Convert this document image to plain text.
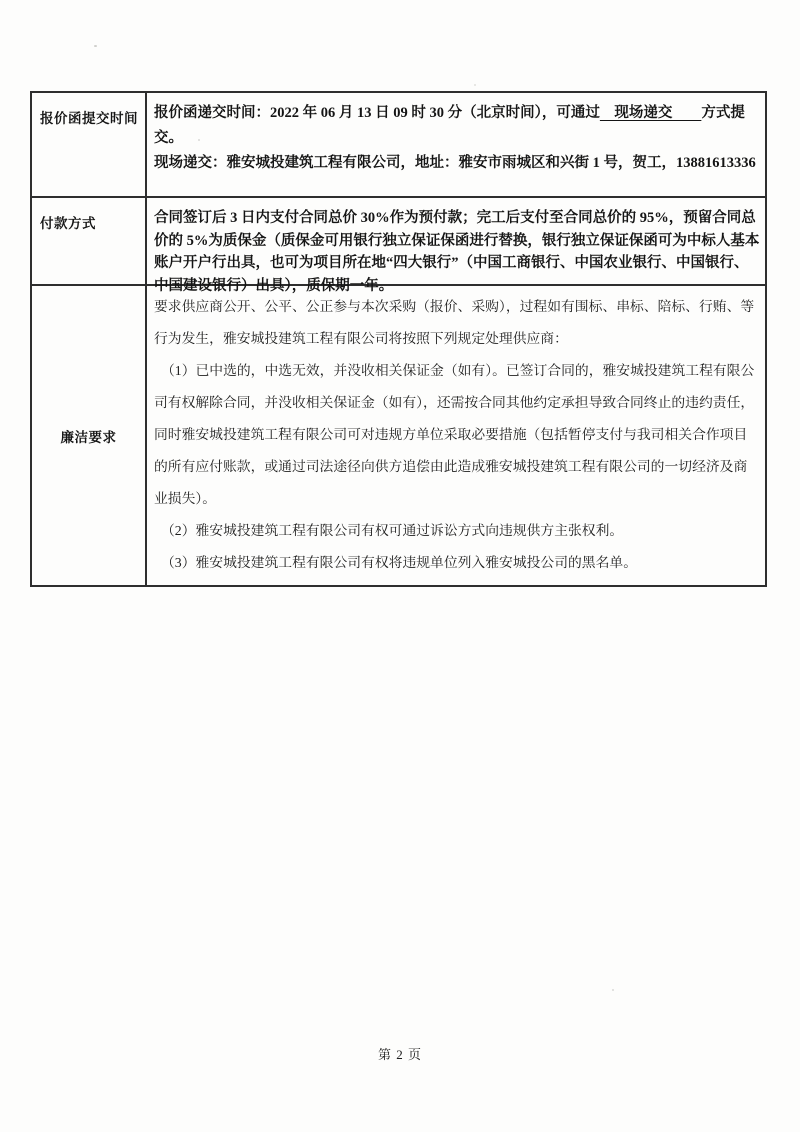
报价函提交时间	报价函递交时间：2022 年 06 月 13 日 09 时 30 分（北京时间），可通过　现场递交　　方式提交。
现场递交：雅安城投建筑工程有限公司，地址：雅安市雨城区和兴街 1 号，贺工，13881613336
付款方式	合同签订后 3 日内支付合同总价 30%作为预付款；完工后支付至合同总价的 95%，预留合同总价的 5%为质保金（质保金可用银行独立保证保函进行替换，银行独立保证保函可为中标人基本账户开户行出具，也可为项目所在地“四大银行”（中国工商银行、中国农业银行、中国银行、中国建设银行）出具），质保期一年。
廉洁要求

要求供应商公开、公平、公正参与本次采购（报价、采购），过程如有围标、串标、陪标、行贿、等行为发生，雅安城投建筑工程有限公司将按照下列规定处理供应商：

（1）已中选的，中选无效，并没收相关保证金（如有）。已签订合同的，雅安城投建筑工程有限公司有权解除合同，并没收相关保证金（如有），还需按合同其他约定承担导致合同终止的违约责任，同时雅安城投建筑工程有限公司可对违规方单位采取必要措施（包括暂停支付与我司相关合作项目的所有应付账款，或通过司法途径向供方追偿由此造成雅安城投建筑工程有限公司的一切经济及商业损失）。

（2）雅安城投建筑工程有限公司有权可通过诉讼方式向违规供方主张权利。

（3）雅安城投建筑工程有限公司有权将违规单位列入雅安城投公司的黑名单。

第 2 页
